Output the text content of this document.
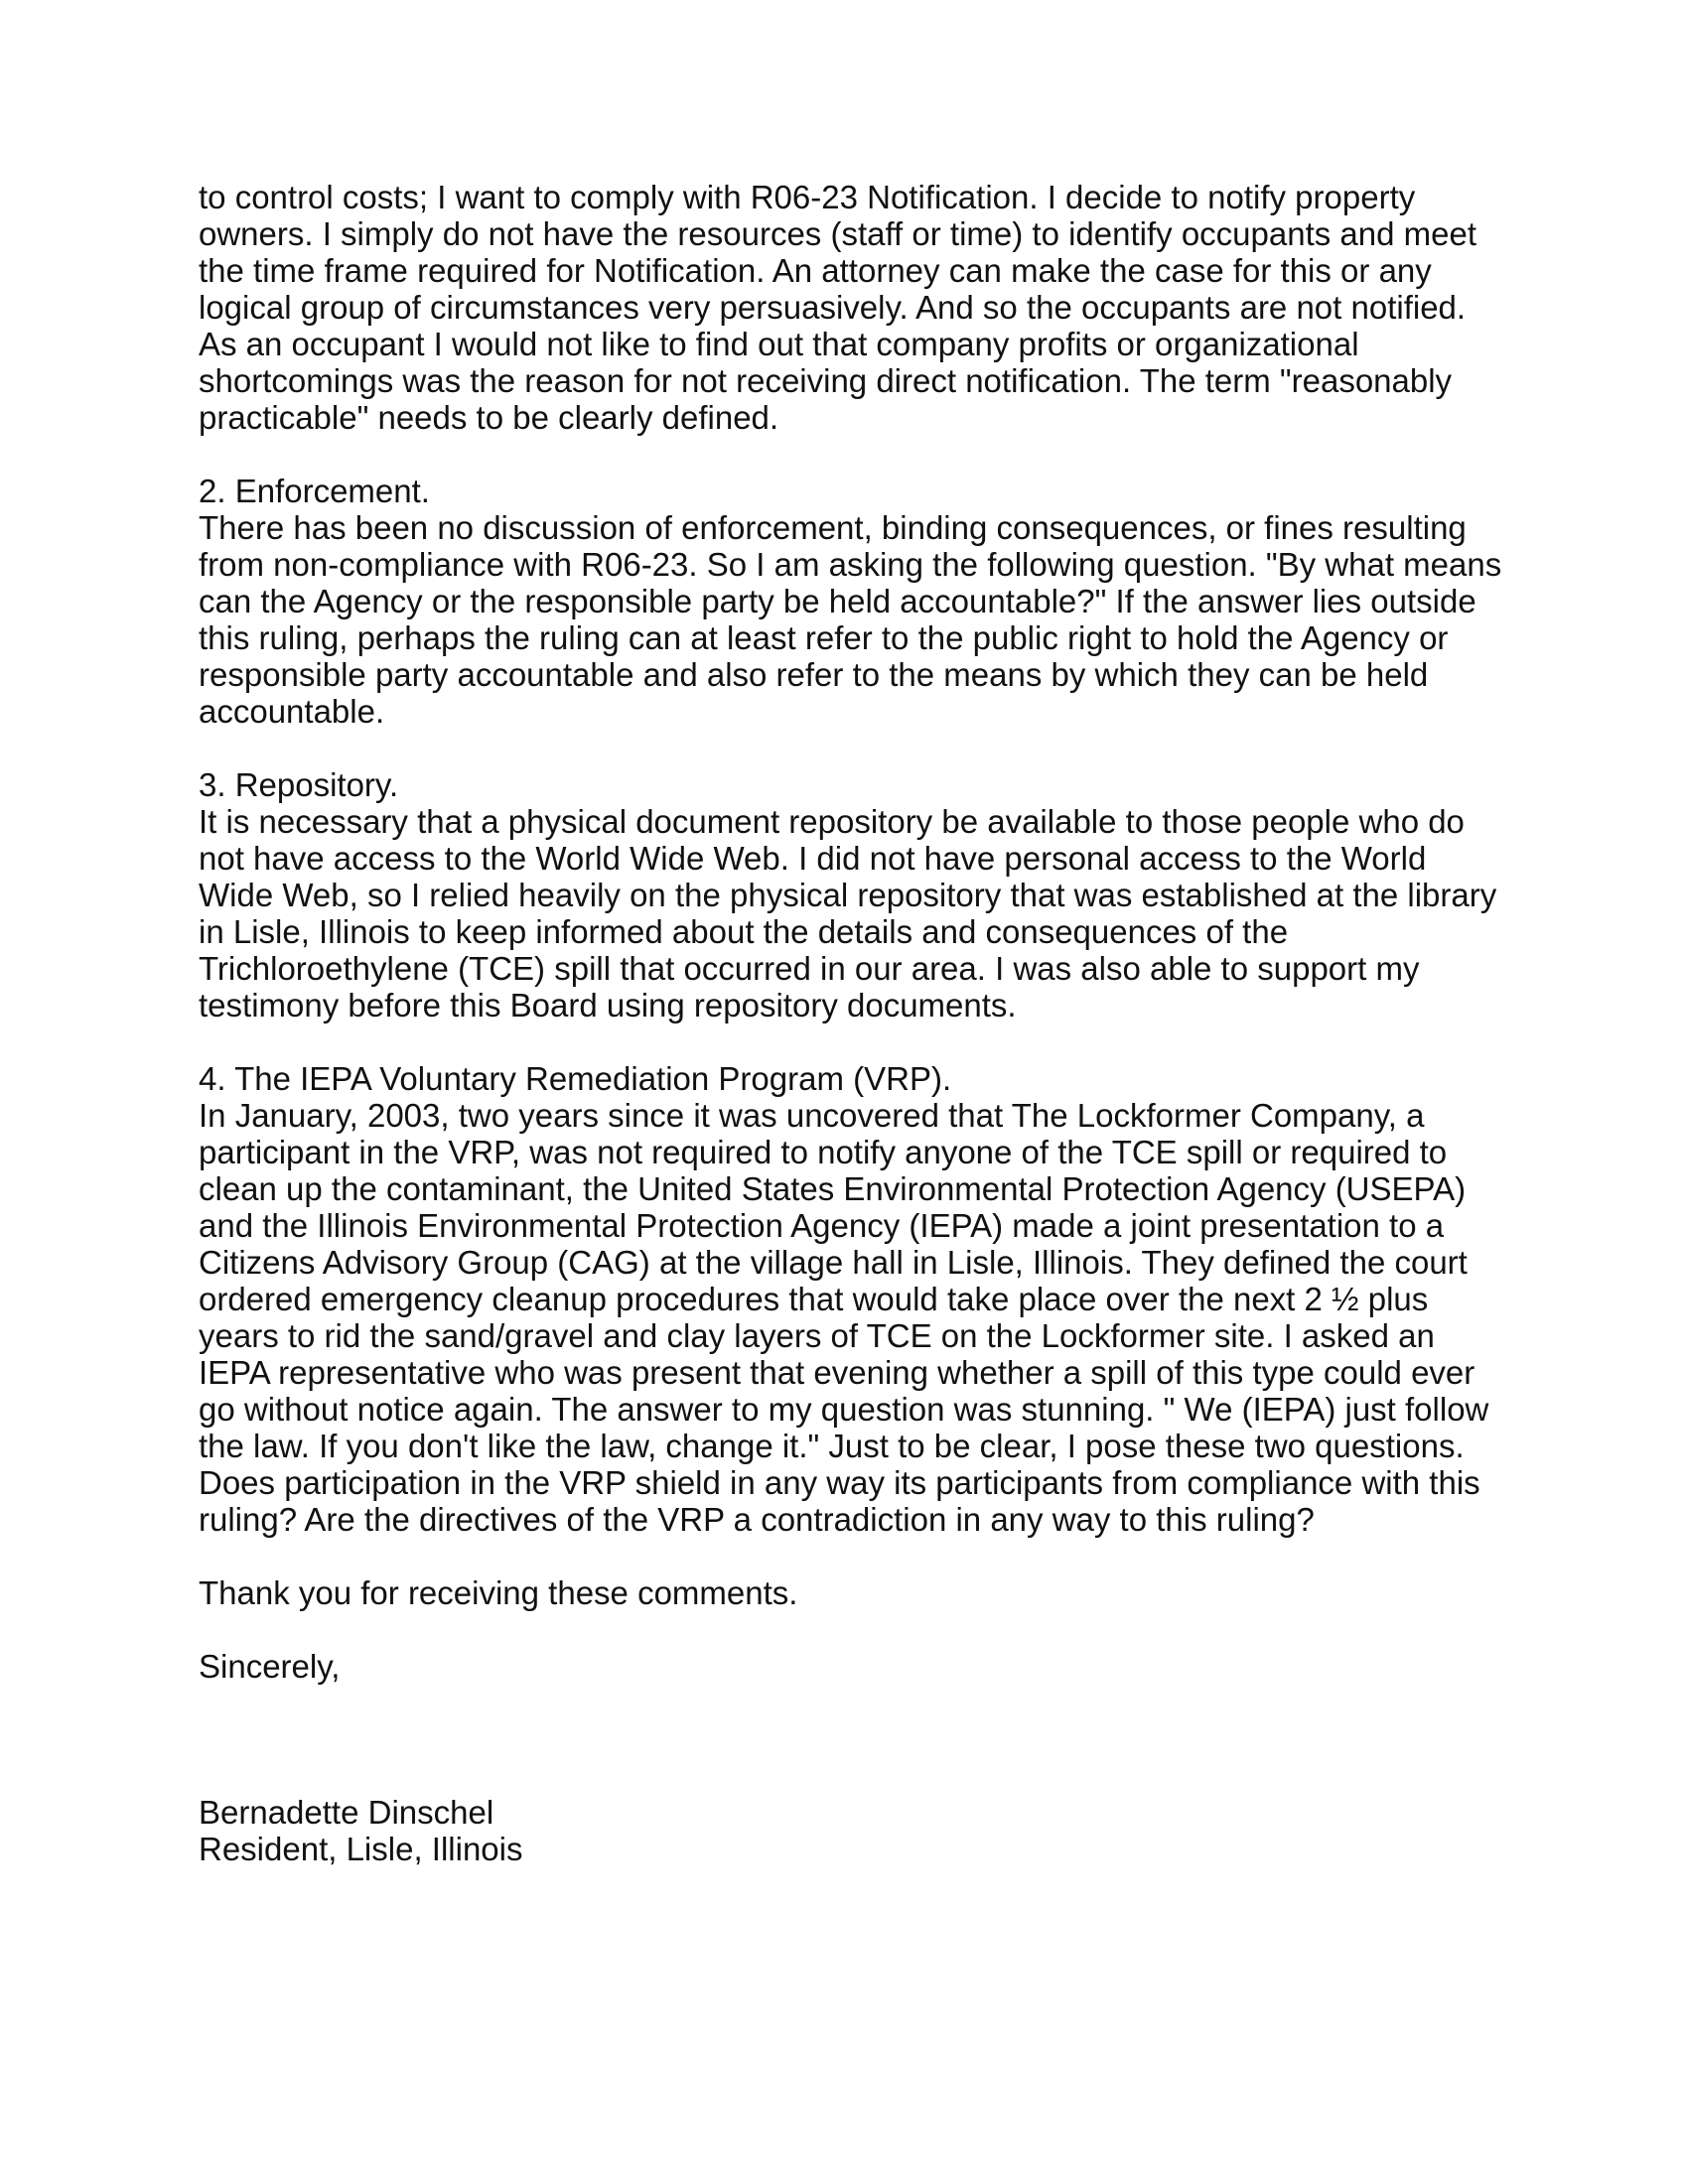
to control costs; I want to comply with R06-23 Notification. I decide to notify property owners. I simply do not have the resources (staff or time) to identify occupants and meet the time frame required for Notification. An attorney can make the case for this or any logical group of circumstances very persuasively. And so the occupants are not notified. As an occupant I would not like to find out that company profits or organizational shortcomings was the reason for not receiving direct notification. The term "reasonably practicable" needs to be clearly defined.

2. Enforcement.

There has been no discussion of enforcement, binding consequences, or fines resulting from non-compliance with R06-23. So I am asking the following question. "By what means can the Agency or the responsible party be held accountable?" If the answer lies outside this ruling, perhaps the ruling can at least refer to the public right to hold the Agency or responsible party accountable and also refer to the means by which they can be held accountable.

3. Repository.

It is necessary that a physical document repository be available to those people who do not have access to the World Wide Web. I did not have personal access to the World Wide Web, so I relied heavily on the physical repository that was established at the library in Lisle, Illinois to keep informed about the details and consequences of the Trichloroethylene (TCE) spill that occurred in our area. I was also able to support my testimony before this Board using repository documents.

4. The IEPA Voluntary Remediation Program (VRP).

In January, 2003, two years since it was uncovered that The Lockformer Company, a participant in the VRP, was not required to notify anyone of the TCE spill or required to clean up the contaminant, the United States Environmental Protection Agency (USEPA) and the Illinois Environmental Protection Agency (IEPA) made a joint presentation to a Citizens Advisory Group (CAG) at the village hall in Lisle, Illinois. They defined the court ordered emergency cleanup procedures that would take place over the next 2 ½ plus years to rid the sand/gravel and clay layers of TCE on the Lockformer site. I asked an IEPA representative who was present that evening whether a spill of this type could ever go without notice again. The answer to my question was stunning. " We (IEPA) just follow the law. If you don't like the law, change it." Just to be clear, I pose these two questions. Does participation in the VRP shield in any way its participants from compliance with this ruling? Are the directives of the VRP a contradiction in any way to this ruling?

Thank you for receiving these comments.

Sincerely,

Bernadette Dinschel

Resident, Lisle, Illinois
